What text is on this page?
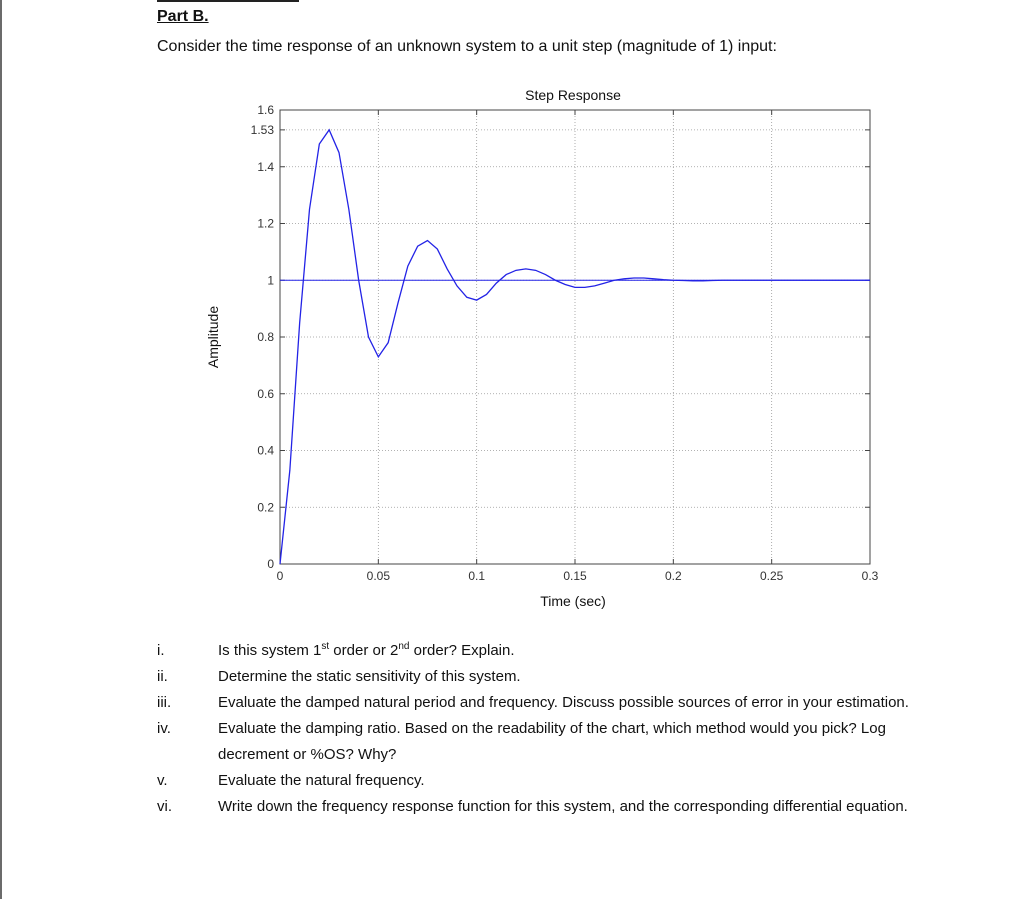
Part B.
Consider the time response of an unknown system to a unit step (magnitude of 1) input:
Step Response
0	0.05	0.1	0.15	0.2	0.25	0.3
0
0.2
0.4
0.6
0.8
1
1.2
1.4
1.53
1.6
Time (sec)
Amplitude
i.	Is this system 1st order or 2nd order? Explain.
ii.	Determine the static sensitivity of this system.
iii.	Evaluate the damped natural period and frequency. Discuss possible sources of error in your estimation.
iv.	Evaluate the damping ratio. Based on the readability of the chart, which method would you pick? Log decrement or %OS? Why?
v.	Evaluate the natural frequency.
vi.	Write down the frequency response function for this system, and the corresponding differential equation.
